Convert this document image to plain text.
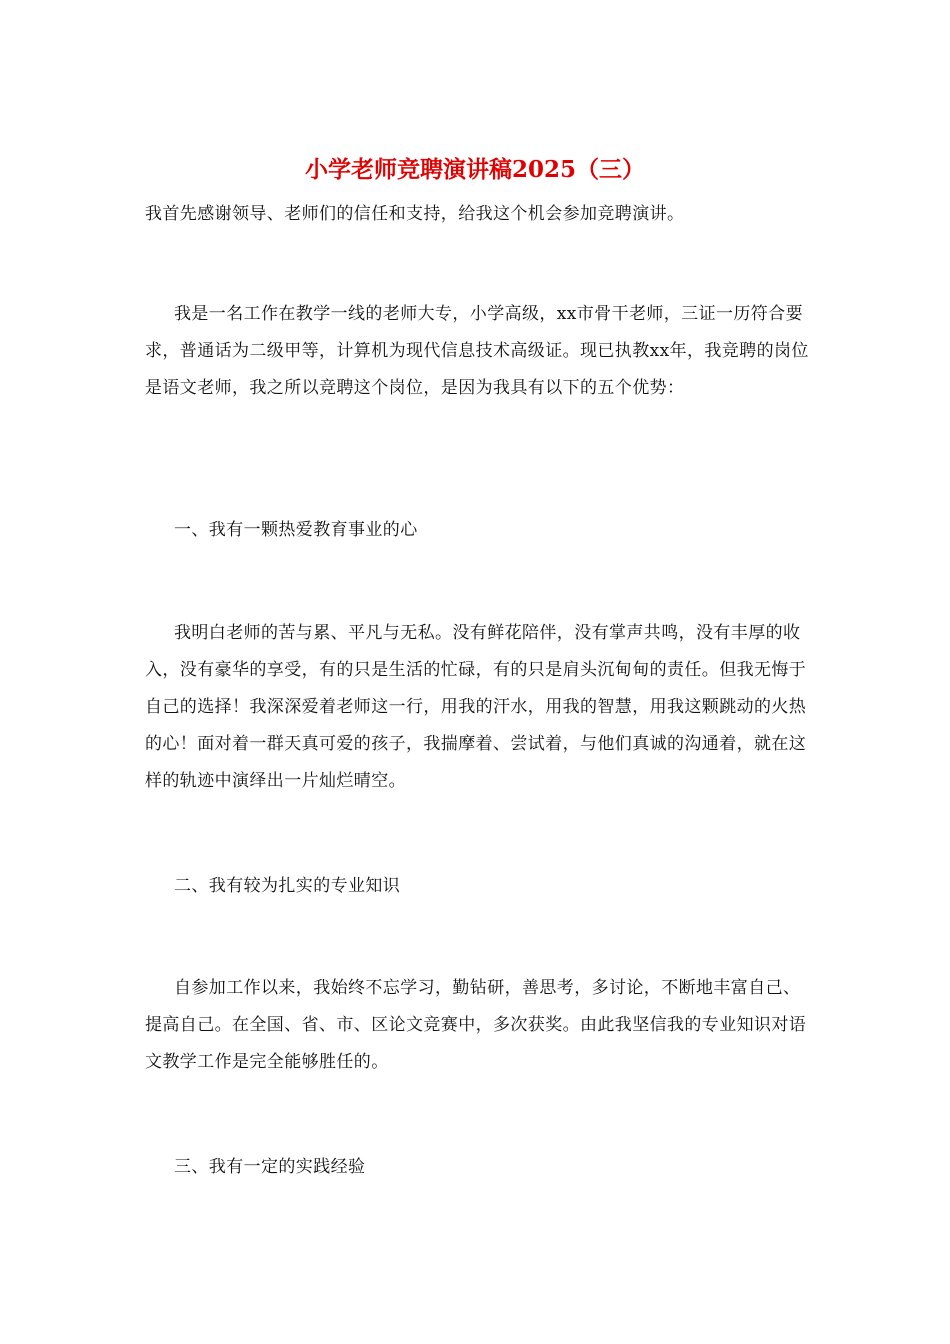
小学老师竞聘演讲稿2025（三）

我首先感谢领导、老师们的信任和支持，给我这个机会参加竞聘演讲。

我是一名工作在教学一线的老师大专，小学高级，xx市骨干老师，三证一历符合要求，普通话为二级甲等，计算机为现代信息技术高级证。现已执教xx年，我竞聘的岗位是语文老师，我之所以竞聘这个岗位，是因为我具有以下的五个优势：

一、我有一颗热爱教育事业的心

我明白老师的苦与累、平凡与无私。没有鲜花陪伴，没有掌声共鸣，没有丰厚的收入，没有豪华的享受，有的只是生活的忙碌，有的只是肩头沉甸甸的责任。但我无悔于自己的选择！我深深爱着老师这一行，用我的汗水，用我的智慧，用我这颗跳动的火热的心！面对着一群天真可爱的孩子，我揣摩着、尝试着，与他们真诚的沟通着，就在这样的轨迹中演绎出一片灿烂晴空。

二、我有较为扎实的专业知识

自参加工作以来，我始终不忘学习，勤钻研，善思考，多讨论，不断地丰富自己、提高自己。在全国、省、市、区论文竞赛中，多次获奖。由此我坚信我的专业知识对语文教学工作是完全能够胜任的。

三、我有一定的实践经验
